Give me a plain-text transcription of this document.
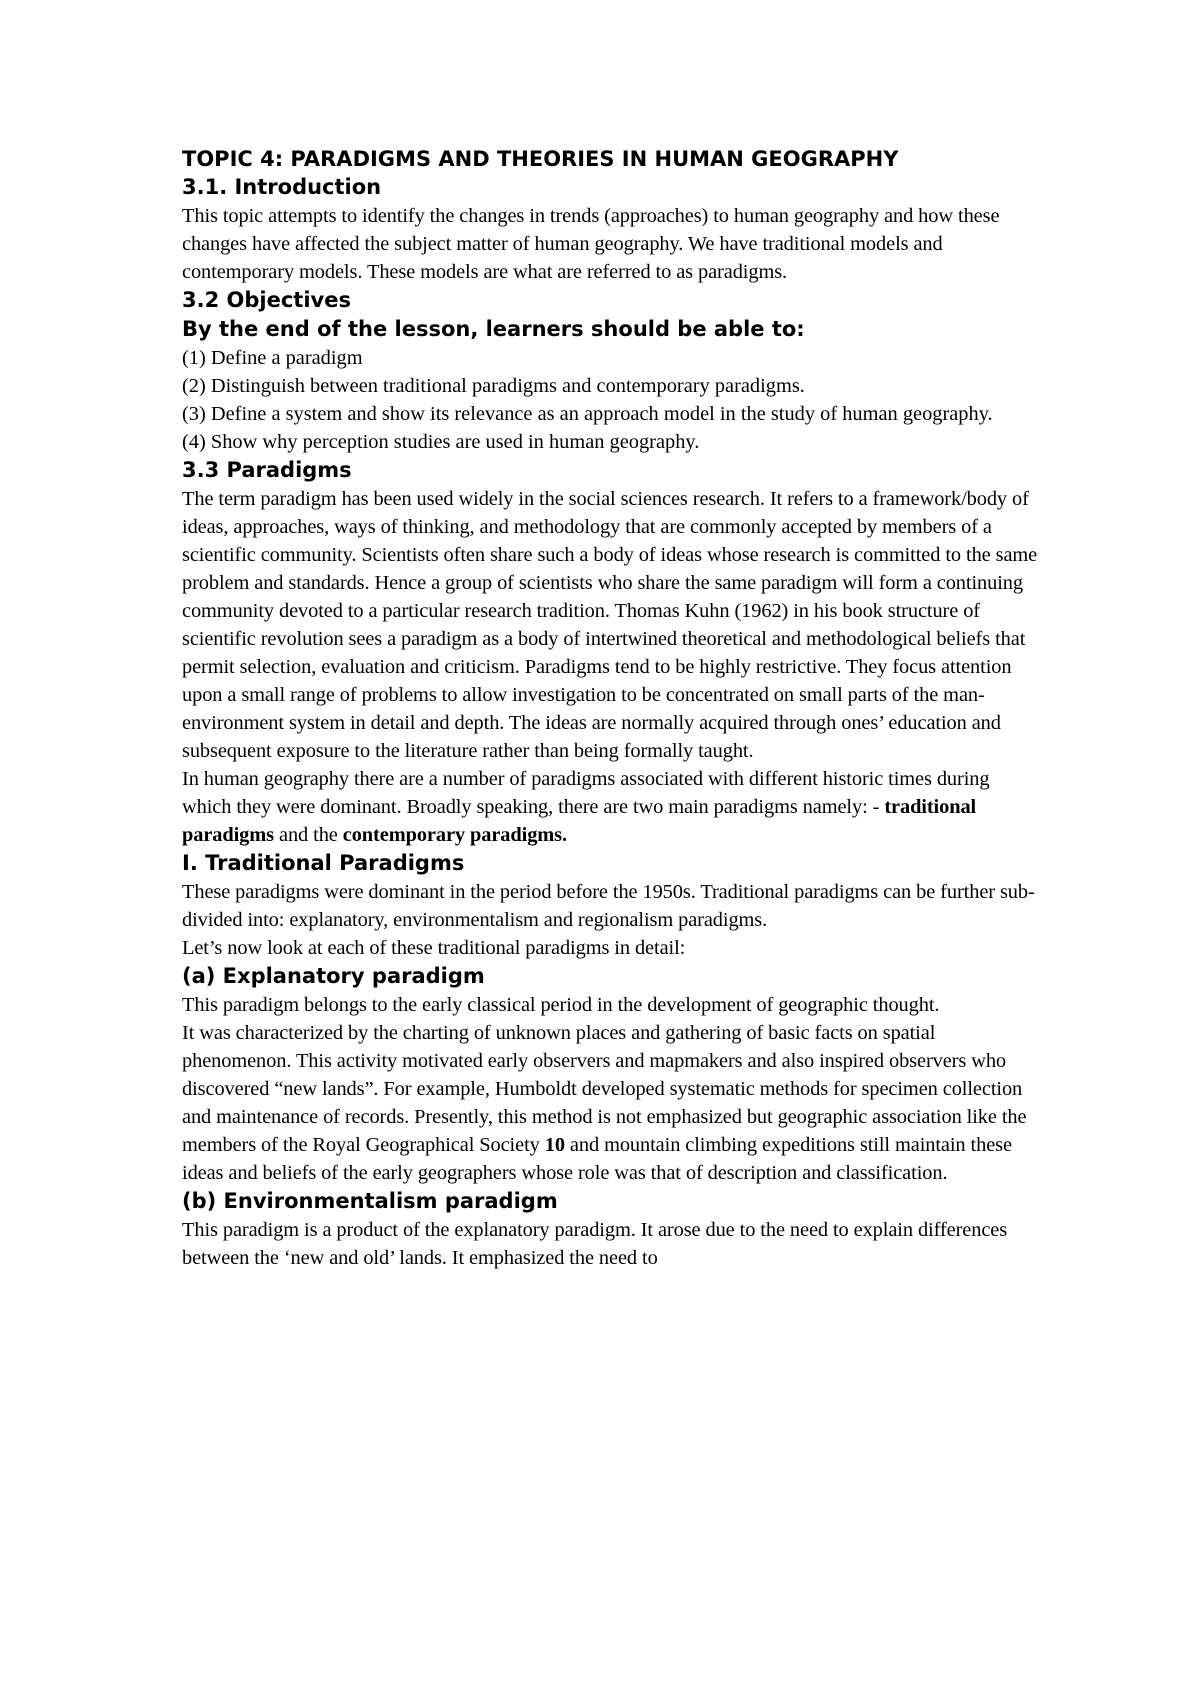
TOPIC 4: PARADIGMS AND THEORIES IN HUMAN GEOGRAPHY
3.1. Introduction

This topic attempts to identify the changes in trends (approaches) to human geography and how these changes have affected the subject matter of human geography. We have traditional models and contemporary models. These models are what are referred to as paradigms.

3.2 Objectives
By the end of the lesson, learners should be able to:

(1) Define a paradigm

(2) Distinguish between traditional paradigms and contemporary paradigms.

(3) Define a system and show its relevance as an approach model in the study of human geography.

(4) Show why perception studies are used in human geography.

3.3 Paradigms

The term paradigm has been used widely in the social sciences research. It refers to a framework/body of ideas, approaches, ways of thinking, and methodology that are commonly accepted by members of a scientific community. Scientists often share such a body of ideas whose research is committed to the same problem and standards. Hence a group of scientists who share the same paradigm will form a continuing community devoted to a particular research tradition. Thomas Kuhn (1962) in his book structure of scientific revolution sees a paradigm as a body of intertwined theoretical and methodological beliefs that permit selection, evaluation and criticism. Paradigms tend to be highly restrictive. They focus attention upon a small range of problems to allow investigation to be concentrated on small parts of the man-environment system in detail and depth. The ideas are normally acquired through ones’ education and subsequent exposure to the literature rather than being formally taught.

In human geography there are a number of paradigms associated with different historic times during which they were dominant. Broadly speaking, there are two main paradigms namely: - traditional paradigms and the contemporary paradigms.

I. Traditional Paradigms

These paradigms were dominant in the period before the 1950s. Traditional paradigms can be further sub-divided into: explanatory, environmentalism and regionalism paradigms.

Let’s now look at each of these traditional paradigms in detail:

(a) Explanatory paradigm

This paradigm belongs to the early classical period in the development of geographic thought.

It was characterized by the charting of unknown places and gathering of basic facts on spatial phenomenon. This activity motivated early observers and mapmakers and also inspired observers who discovered “new lands”. For example, Humboldt developed systematic methods for specimen collection and maintenance of records. Presently, this method is not emphasized but geographic association like the members of the Royal Geographical Society 10 and mountain climbing expeditions still maintain these ideas and beliefs of the early geographers whose role was that of description and classification.

(b) Environmentalism paradigm

This paradigm is a product of the explanatory paradigm. It arose due to the need to explain differences between the ‘new and old’ lands. It emphasized the need to
